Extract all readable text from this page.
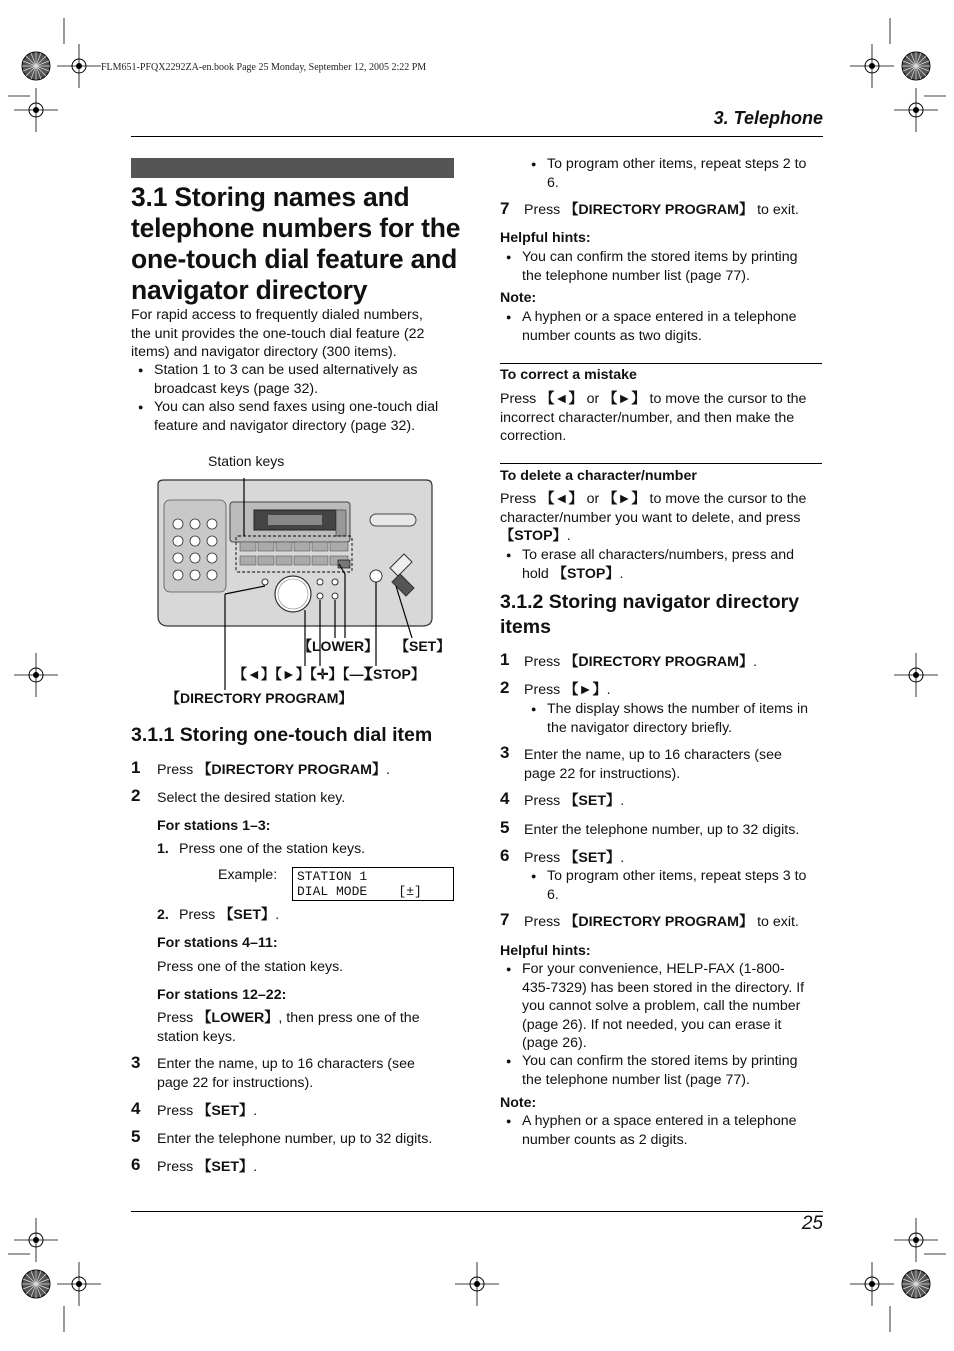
FLM651-PFQX2292ZA-en.book Page 25 Monday, September 12, 2005 2:22 PM
3. Telephone
3.1 Storing names and
telephone numbers for the
one-touch dial feature and
navigator directory
For rapid access to frequently dialed numbers,
the unit provides the one-touch dial feature (22
items) and navigator directory (300 items).
● Station 1 to 3 can be used alternatively as
broadcast keys (page 32).
● You can also send faxes using one-touch dial
feature and navigator directory (page 32).
Station keys
【LOWER】 【SET】
【◄】【►】【✛】【—】
【STOP】
【DIRECTORY PROGRAM】
3.1.1 Storing one-touch dial item
1 Press 【DIRECTORY PROGRAM】.
2 Select the desired station key.
For stations 1–3:
1. Press one of the station keys.
Example: STATION 1
DIAL MODE    [±]
2. Press 【SET】.
For stations 4–11:
Press one of the station keys.
For stations 12–22:
Press 【LOWER】, then press one of the
station keys.
3 Enter the name, up to 16 characters (see
page 22 for instructions).
4 Press 【SET】.
5 Enter the telephone number, up to 32 digits.
6 Press 【SET】.
● To program other items, repeat steps 2 to
6.
7 Press 【DIRECTORY PROGRAM】 to exit.
Helpful hints:
● You can confirm the stored items by printing
the telephone number list (page 77).
Note:
● A hyphen or a space entered in a telephone
number counts as two digits.
To correct a mistake
Press 【◄】 or 【►】 to move the cursor to the
incorrect character/number, and then make the
correction.
To delete a character/number
Press 【◄】 or 【►】 to move the cursor to the
character/number you want to delete, and press
【STOP】.
● To erase all characters/numbers, press and
hold 【STOP】.
3.1.2 Storing navigator directory
items
1 Press 【DIRECTORY PROGRAM】.
2 Press 【►】.
● The display shows the number of items in
the navigator directory briefly.
3 Enter the name, up to 16 characters (see
page 22 for instructions).
4 Press 【SET】.
5 Enter the telephone number, up to 32 digits.
6 Press 【SET】.
● To program other items, repeat steps 3 to
6.
7 Press 【DIRECTORY PROGRAM】 to exit.
Helpful hints:
● For your convenience, HELP-FAX (1-800-
435-7329) has been stored in the directory. If
you cannot solve a problem, call the number
(page 26). If not needed, you can erase it
(page 26).
● You can confirm the stored items by printing
the telephone number list (page 77).
Note:
● A hyphen or a space entered in a telephone
number counts as 2 digits.
25
